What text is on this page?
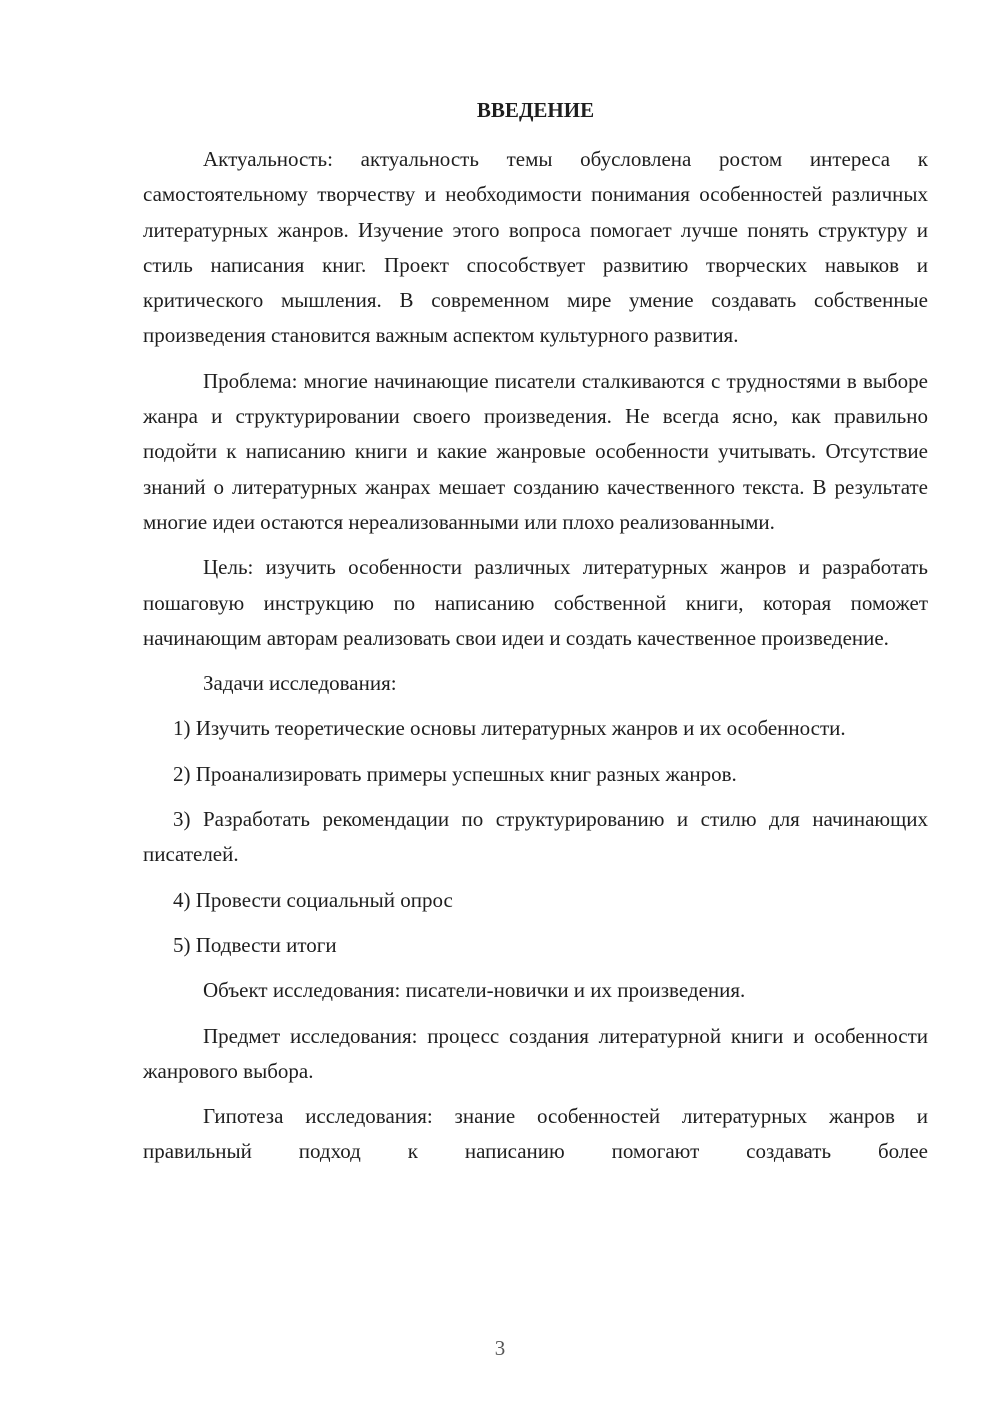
ВВЕДЕНИЕ

Актуальность: актуальность темы обусловлена ростом интереса к самостоятельному творчеству и необходимости понимания особенностей различных литературных жанров. Изучение этого вопроса помогает лучше понять структуру и стиль написания книг. Проект способствует развитию творческих навыков и критического мышления. В современном мире умение создавать собственные произведения становится важным аспектом культурного развития.

Проблема: многие начинающие писатели сталкиваются с трудностями в выборе жанра и структурировании своего произведения. Не всегда ясно, как правильно подойти к написанию книги и какие жанровые особенности учитывать. Отсутствие знаний о литературных жанрах мешает созданию качественного текста. В результате многие идеи остаются нереализованными или плохо реализованными.

Цель: изучить особенности различных литературных жанров и разработать пошаговую инструкцию по написанию собственной книги, которая поможет начинающим авторам реализовать свои идеи и создать качественное произведение.

Задачи исследования:

1) Изучить теоретические основы литературных жанров и их особенности.

2) Проанализировать примеры успешных книг разных жанров.

3) Разработать рекомендации по структурированию и стилю для начинающих писателей.

4) Провести социальный опрос

5) Подвести итоги

Объект исследования: писатели-новички и их произведения.

Предмет исследования: процесс создания литературной книги и особенности жанрового выбора.

Гипотеза исследования: знание особенностей литературных жанров и правильный подход к написанию помогают создавать более

3
